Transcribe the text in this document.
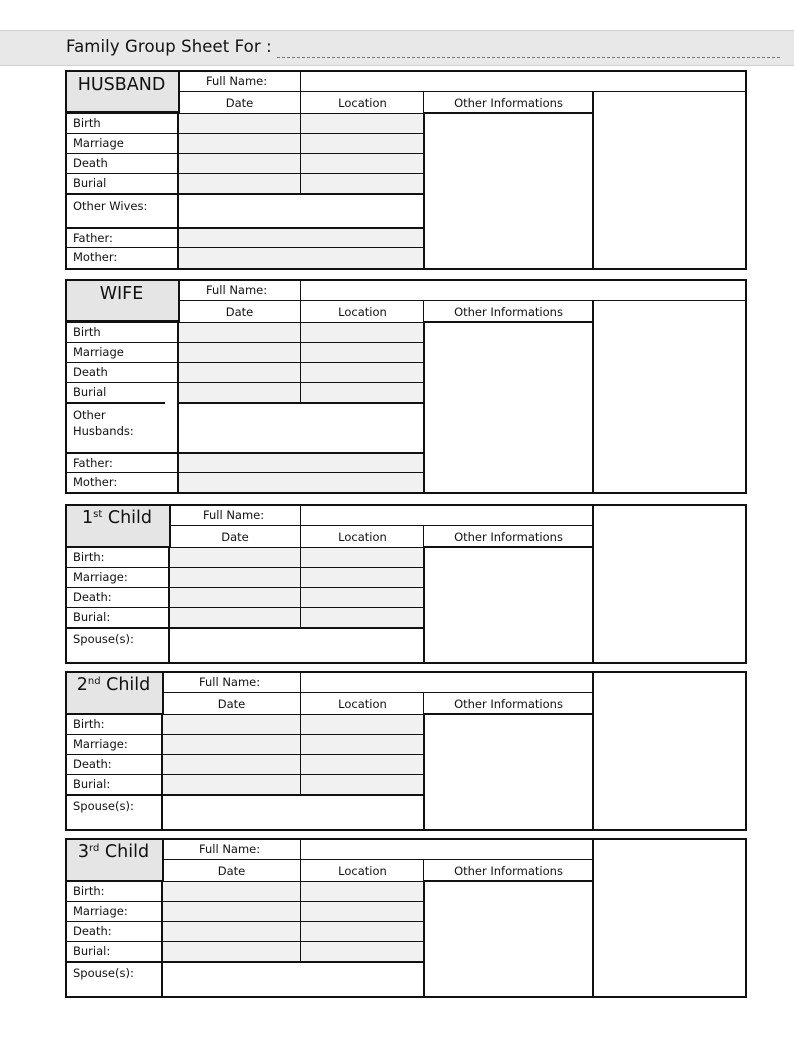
Family Group Sheet For :
HUSBAND	Full Name:
Date	Location	Other Informations
Birth
Marriage
Death
Burial
Other Wives:
Father:
Mother:
WIFE	Full Name:
Date	Location	Other Informations
Birth
Marriage
Death
Burial
Other Husbands:
Father:
Mother:
1st Child	Full Name:
Date	Location	Other Informations
Birth:
Marriage:
Death:
Burial:
Spouse(s):
2nd Child	Full Name:
Date	Location	Other Informations
Birth:
Marriage:
Death:
Burial:
Spouse(s):
3rd Child	Full Name:
Date	Location	Other Informations
Birth:
Marriage:
Death:
Burial:
Spouse(s):
